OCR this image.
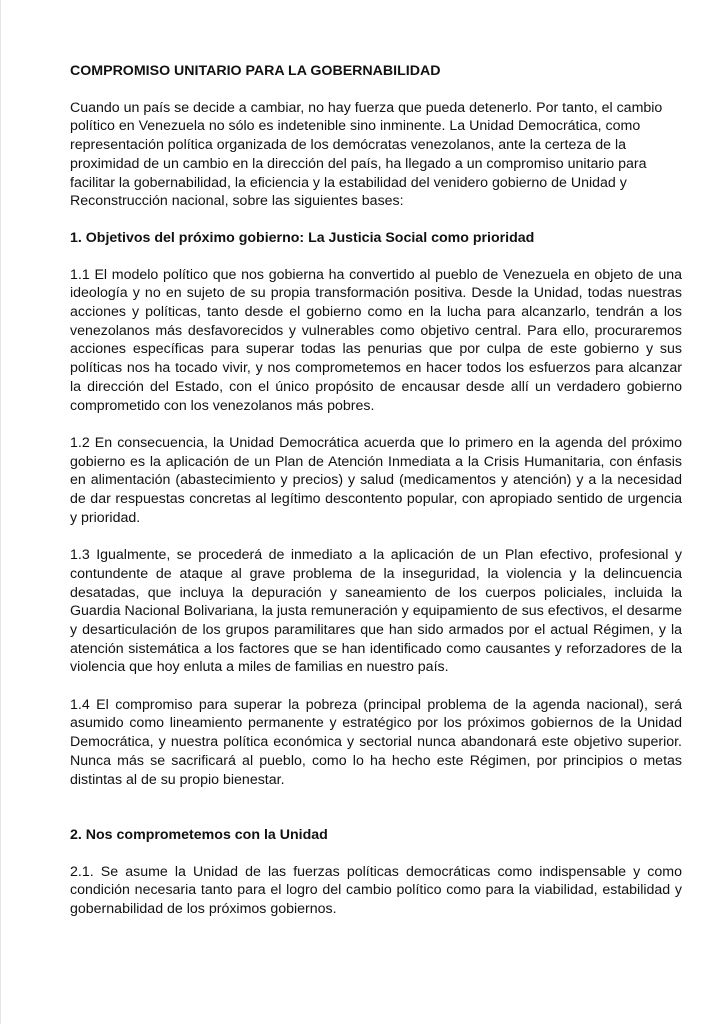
COMPROMISO UNITARIO PARA LA GOBERNABILIDAD

Cuando un país se decide a cambiar, no hay fuerza que pueda detenerlo. Por tanto, el cambio político en Venezuela no sólo es indetenible sino inminente. La Unidad Democrática, como representación política organizada de los demócratas venezolanos, ante la certeza de la proximidad de un cambio en la dirección del país, ha llegado a un compromiso unitario para facilitar la gobernabilidad, la eficiencia y la estabilidad del venidero gobierno de Unidad y Reconstrucción nacional, sobre las siguientes bases:

1. Objetivos del próximo gobierno: La Justicia Social como prioridad

1.1 El modelo político que nos gobierna ha convertido al pueblo de Venezuela en objeto de una ideología y no en sujeto de su propia transformación positiva. Desde la Unidad, todas nuestras acciones y políticas, tanto desde el gobierno como en la lucha para alcanzarlo, tendrán a los venezolanos más desfavorecidos y vulnerables como objetivo central. Para ello, procuraremos acciones específicas para superar todas las penurias que por culpa de este gobierno y sus políticas nos ha tocado vivir, y nos comprometemos en hacer todos los esfuerzos para alcanzar la dirección del Estado, con el único propósito de encausar desde allí un verdadero gobierno comprometido con los venezolanos más pobres.

1.2 En consecuencia, la Unidad Democrática acuerda que lo primero en la agenda del próximo gobierno es la aplicación de un Plan de Atención Inmediata a la Crisis Humanitaria, con énfasis en alimentación (abastecimiento y precios) y salud (medicamentos y atención) y a la necesidad de dar respuestas concretas al legítimo descontento popular, con apropiado sentido de urgencia y prioridad.

1.3 Igualmente, se procederá de inmediato a la aplicación de un Plan efectivo, profesional y contundente de ataque al grave problema de la inseguridad, la violencia y la delincuencia desatadas, que incluya la depuración y saneamiento de los cuerpos policiales, incluida la Guardia Nacional Bolivariana, la justa remuneración y equipamiento de sus efectivos, el desarme y desarticulación de los grupos paramilitares que han sido armados por el actual Régimen, y la atención sistemática a los factores que se han identificado como causantes y reforzadores de la violencia que hoy enluta a miles de familias en nuestro país.

1.4 El compromiso para superar la pobreza (principal problema de la agenda nacional), será asumido como lineamiento permanente y estratégico por los próximos gobiernos de la Unidad Democrática, y nuestra política económica y sectorial nunca abandonará este objetivo superior. Nunca más se sacrificará al pueblo, como lo ha hecho este Régimen, por principios o metas distintas al de su propio bienestar.

2. Nos comprometemos con la Unidad

2.1. Se asume la Unidad de las fuerzas políticas democráticas como indispensable y como condición necesaria tanto para el logro del cambio político como para la viabilidad, estabilidad y gobernabilidad de los próximos gobiernos.
